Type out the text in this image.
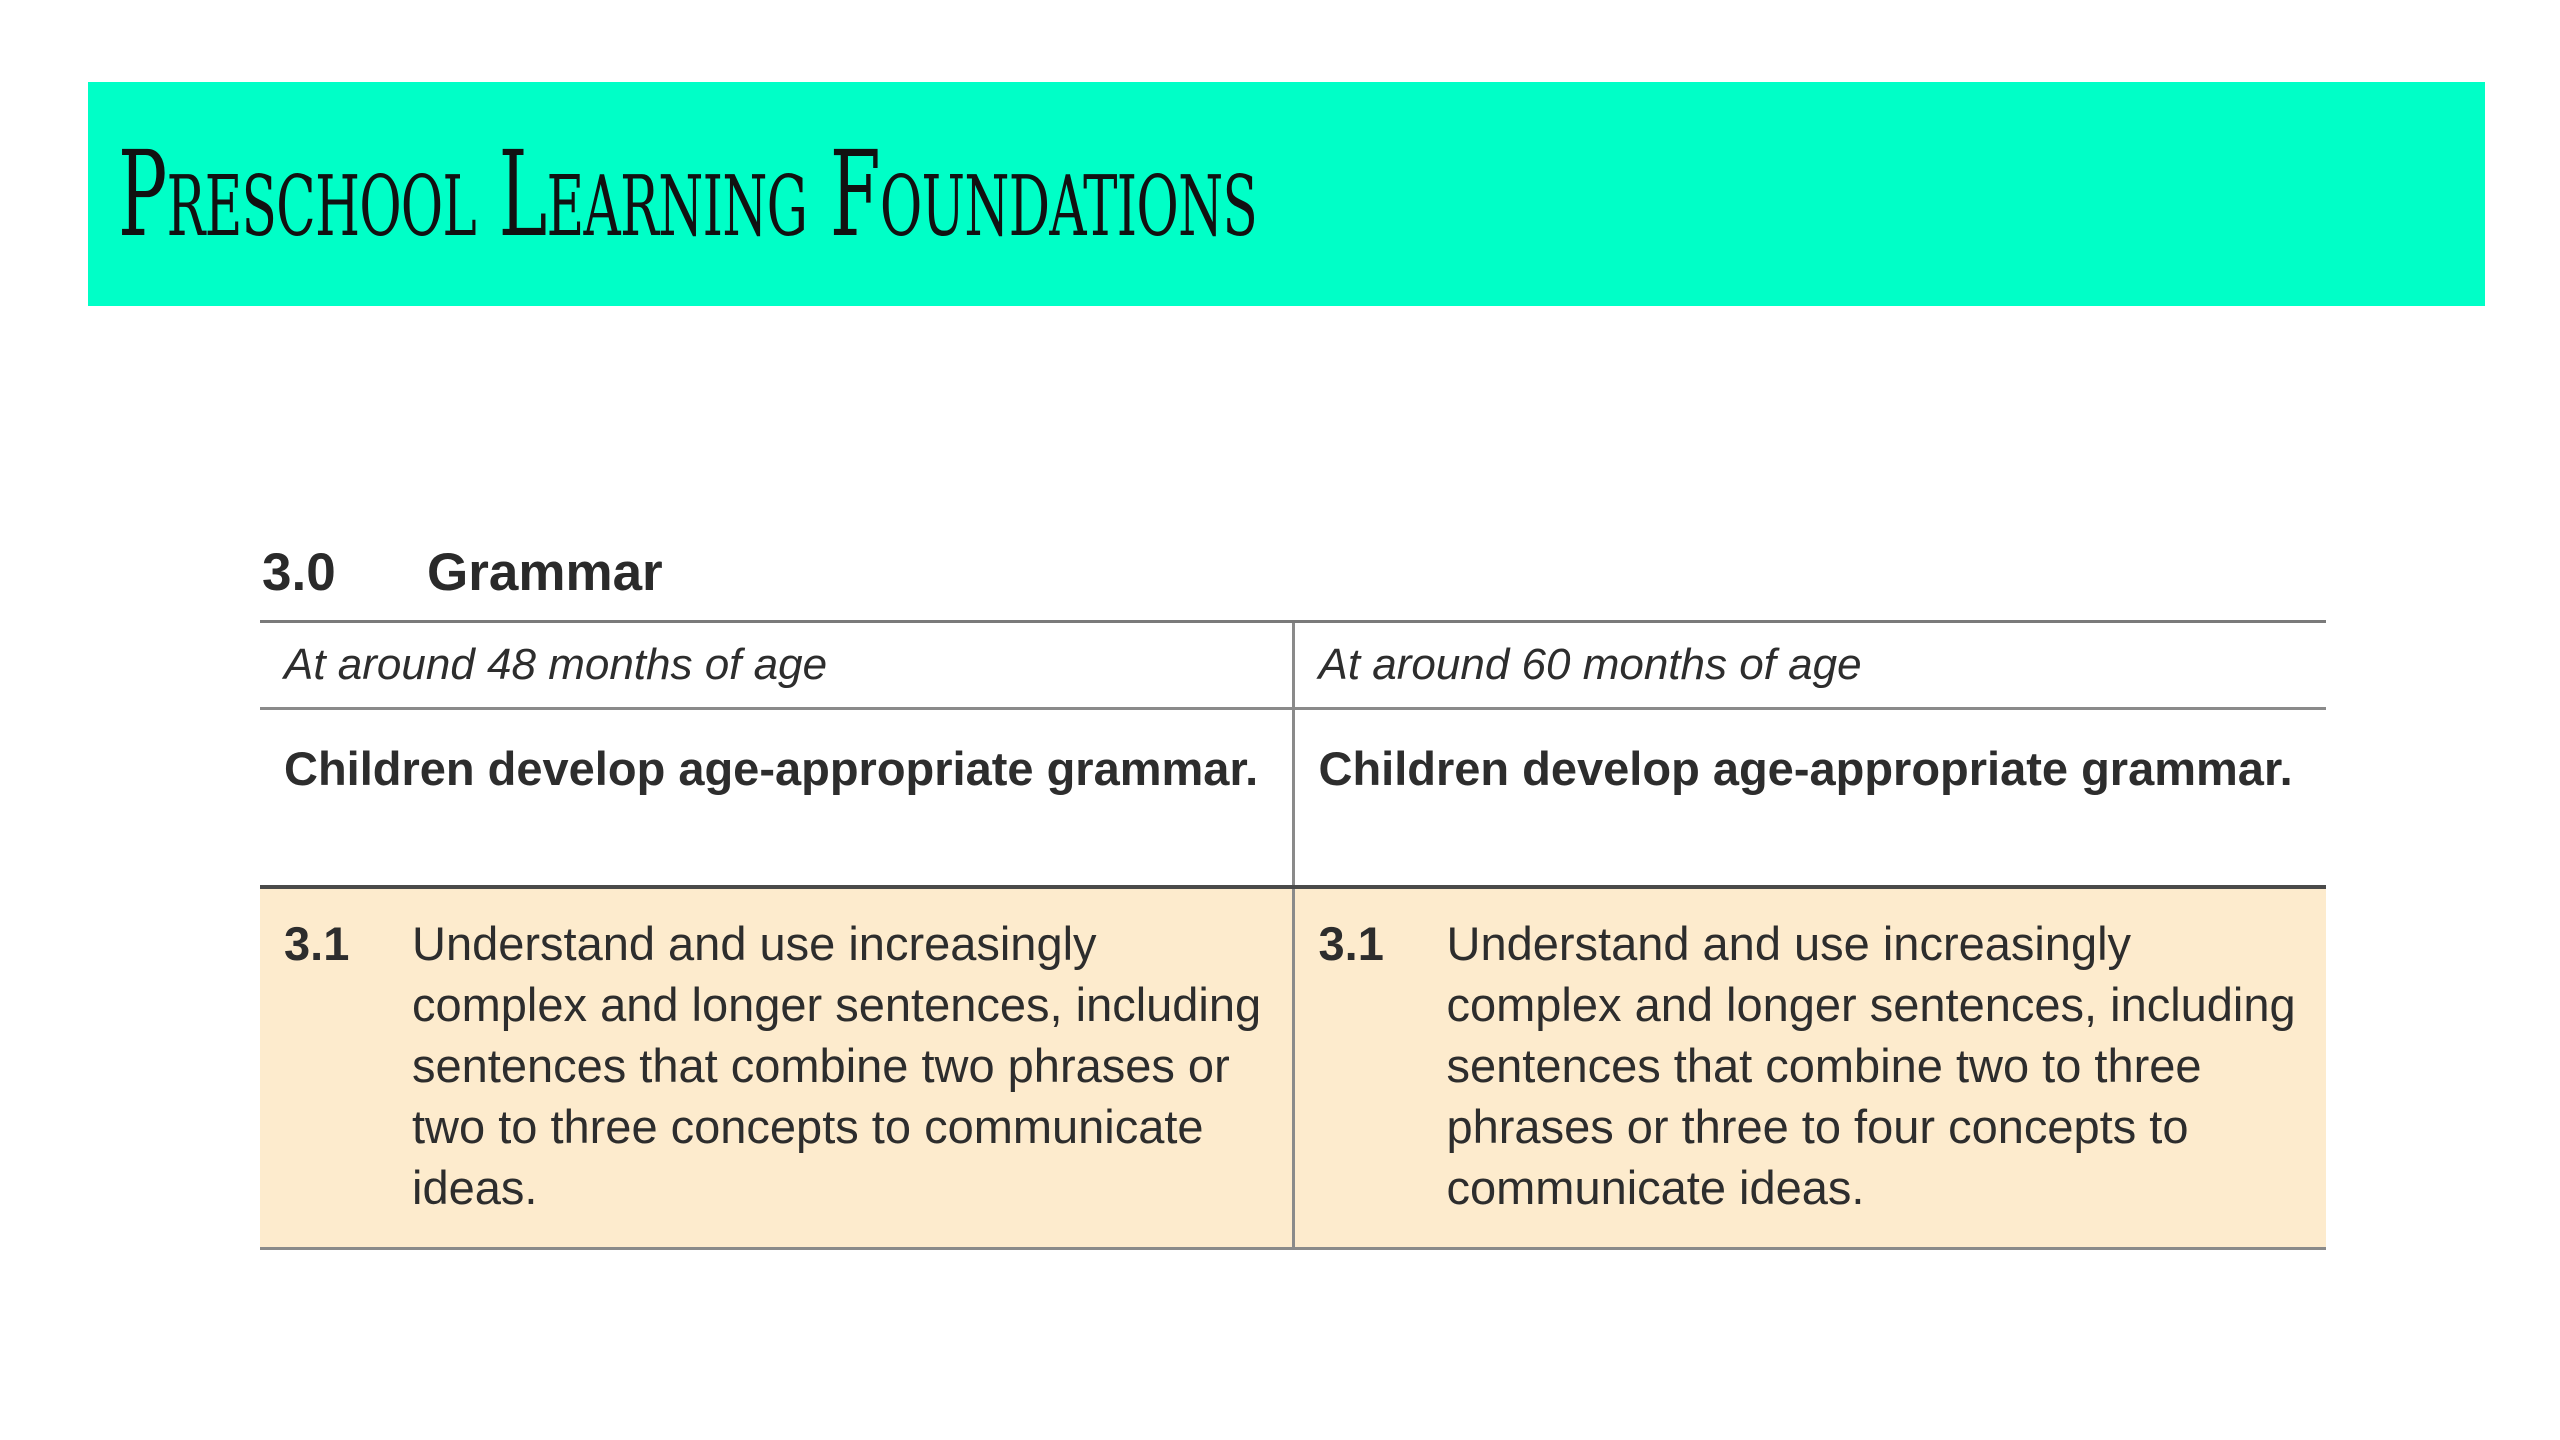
Preschool Learning Foundations
3.0	Grammar
At around 48 months of age	At around 60 months of age
Children develop age-appropriate grammar.	Children develop age-appropriate grammar.

3.1 Understand and use increasingly complex and longer sentences, including sentences that combine two phrases or two to three concepts to communicate ideas.	3.1 Understand and use increasingly complex and longer sentences, including sentences that combine two to three phrases or three to four concepts to communicate ideas.
